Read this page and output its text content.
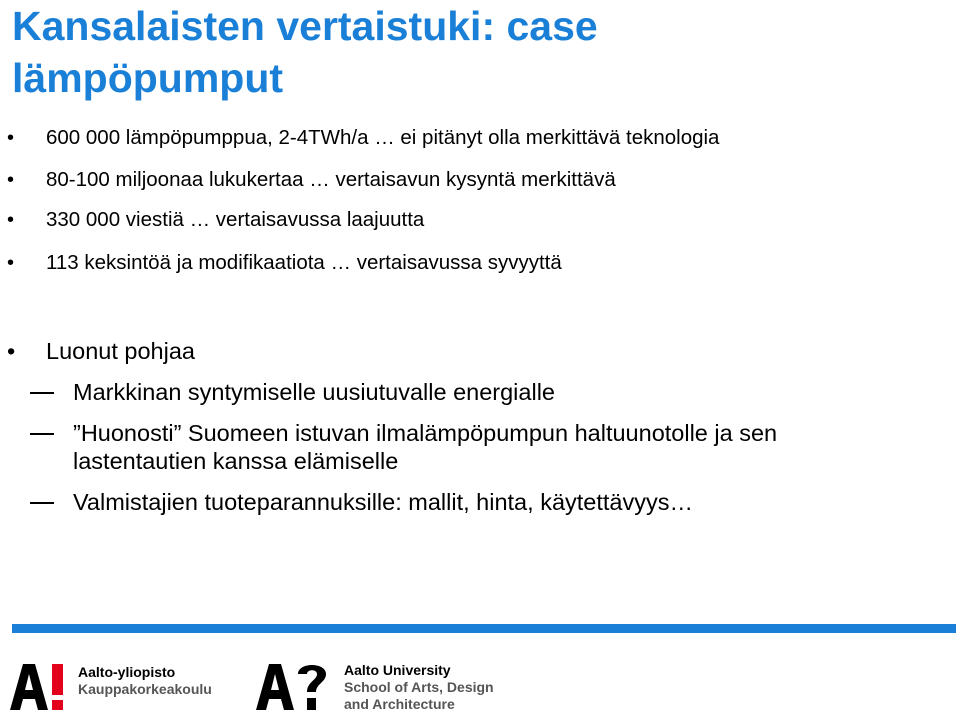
Kansalaisten vertaistuki: case
lämpöpumput
• 600 000 lämpöpumppua, 2-4TWh/a … ei pitänyt olla merkittävä teknologia
• 80-100 miljoonaa lukukertaa … vertaisavun kysyntä merkittävä
• 330 000 viestiä … vertaisavussa laajuutta
• 113 keksintöä ja modifikaatiota … vertaisavussa syvyyttä
• Luonut pohjaa
Markkinan syntymiselle uusiutuvalle energialle
”Huonosti” Suomeen istuvan ilmalämpöpumpun haltuunotolle ja sen
lastentautien kanssa elämiselle
Valmistajien tuoteparannuksille: mallit, hinta, käytettävyys…
Aalto-yliopisto
Kauppakorkeakoulu
Aalto University
School of Arts, Design
and Architecture
